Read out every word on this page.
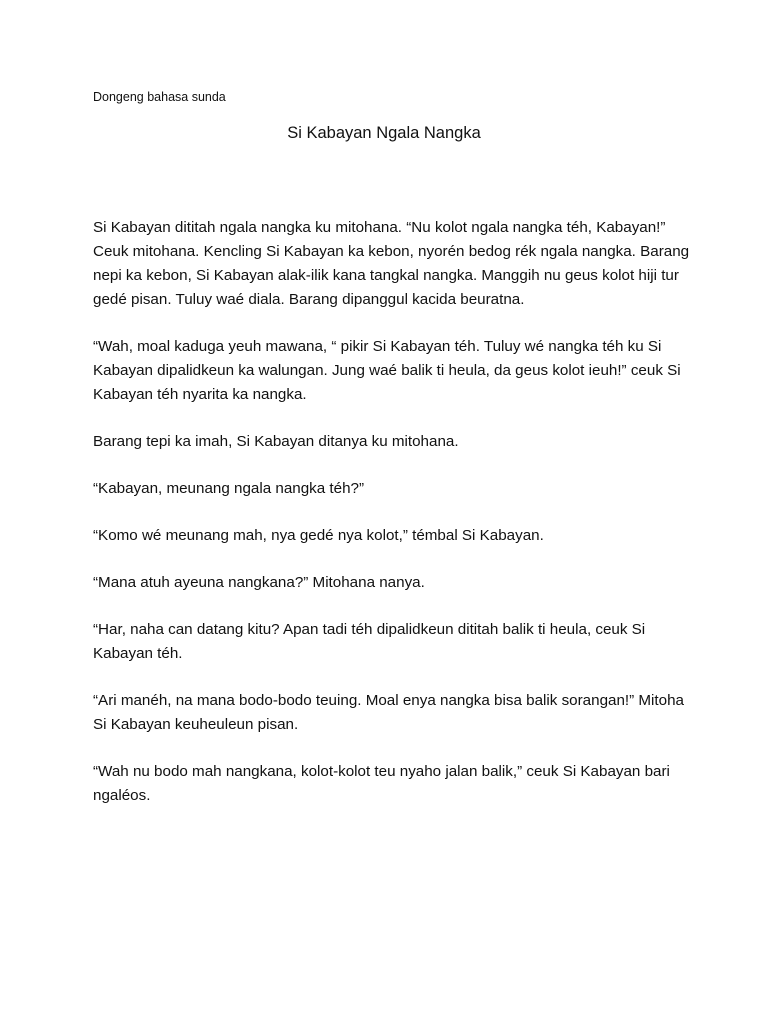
Dongeng bahasa sunda
Si Kabayan Ngala Nangka

Si Kabayan dititah ngala nangka ku mitohana. “Nu kolot ngala nangka téh, Kabayan!” Ceuk mitohana. Kencling Si Kabayan ka kebon, nyorén bedog rék ngala nangka. Barang nepi ka kebon, Si Kabayan alak-ilik kana tangkal nangka. Manggih nu geus kolot hiji tur gedé pisan. Tuluy waé diala. Barang dipanggul kacida beuratna.

“Wah, moal kaduga yeuh mawana, “ pikir Si Kabayan téh. Tuluy wé nangka téh ku Si Kabayan dipalidkeun ka walungan. Jung waé balik ti heula, da geus kolot ieuh!” ceuk Si Kabayan téh nyarita ka nangka.

Barang tepi ka imah, Si Kabayan ditanya ku mitohana.

“Kabayan, meunang ngala nangka téh?”

“Komo wé meunang mah, nya gedé nya kolot,” témbal Si Kabayan.

“Mana atuh ayeuna nangkana?” Mitohana nanya.

“Har, naha can datang kitu? Apan tadi téh dipalidkeun dititah balik ti heula, ceuk Si Kabayan téh.

“Ari manéh, na mana bodo-bodo teuing. Moal enya nangka bisa balik sorangan!” Mitoha Si Kabayan keuheuleun pisan.

“Wah nu bodo mah nangkana, kolot-kolot teu nyaho jalan balik,” ceuk Si Kabayan bari ngaléos.
